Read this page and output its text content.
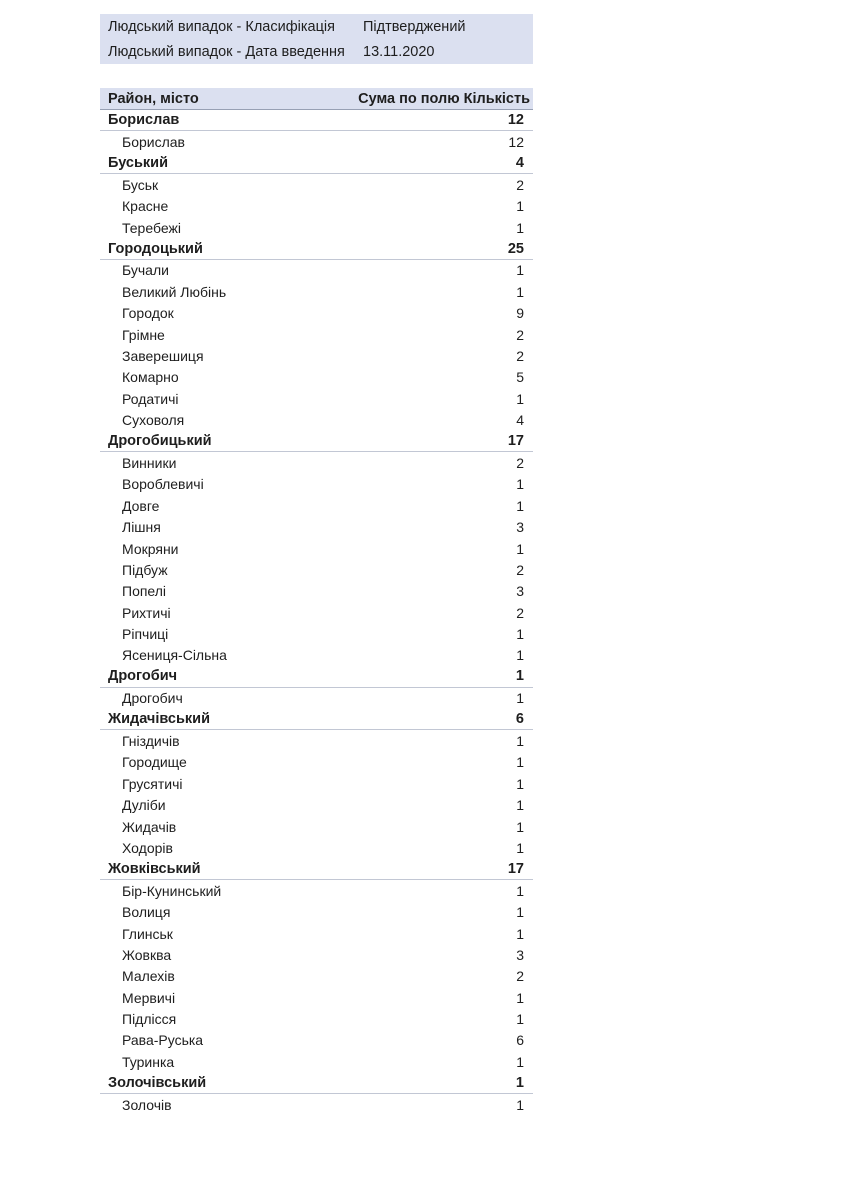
Людський випадок - Класифікація	Підтверджений
Людський випадок - Дата введення	13.11.2020
Район, місто	Сума по полю Кількість
Борислав	12
Борислав	12
Буський	4
Буськ	2
Красне	1
Теребежі	1
Городоцький	25
Бучали	1
Великий Любінь	1
Городок	9
Грімне	2
Заверешиця	2
Комарно	5
Родатичі	1
Суховоля	4
Дрогобицький	17
Винники	2
Вороблевичі	1
Довге	1
Лішня	3
Мокряни	1
Підбуж	2
Попелі	3
Рихтичі	2
Ріпчиці	1
Ясениця-Сільна	1
Дрогобич	1
Дрогобич	1
Жидачівський	6
Гніздичів	1
Городище	1
Грусятичі	1
Дуліби	1
Жидачів	1
Ходорів	1
Жовківський	17
Бір-Кунинський	1
Волиця	1
Глинськ	1
Жовква	3
Малехів	2
Мервичі	1
Підлісся	1
Рава-Руська	6
Туринка	1
Золочівський	1
Золочів	1
